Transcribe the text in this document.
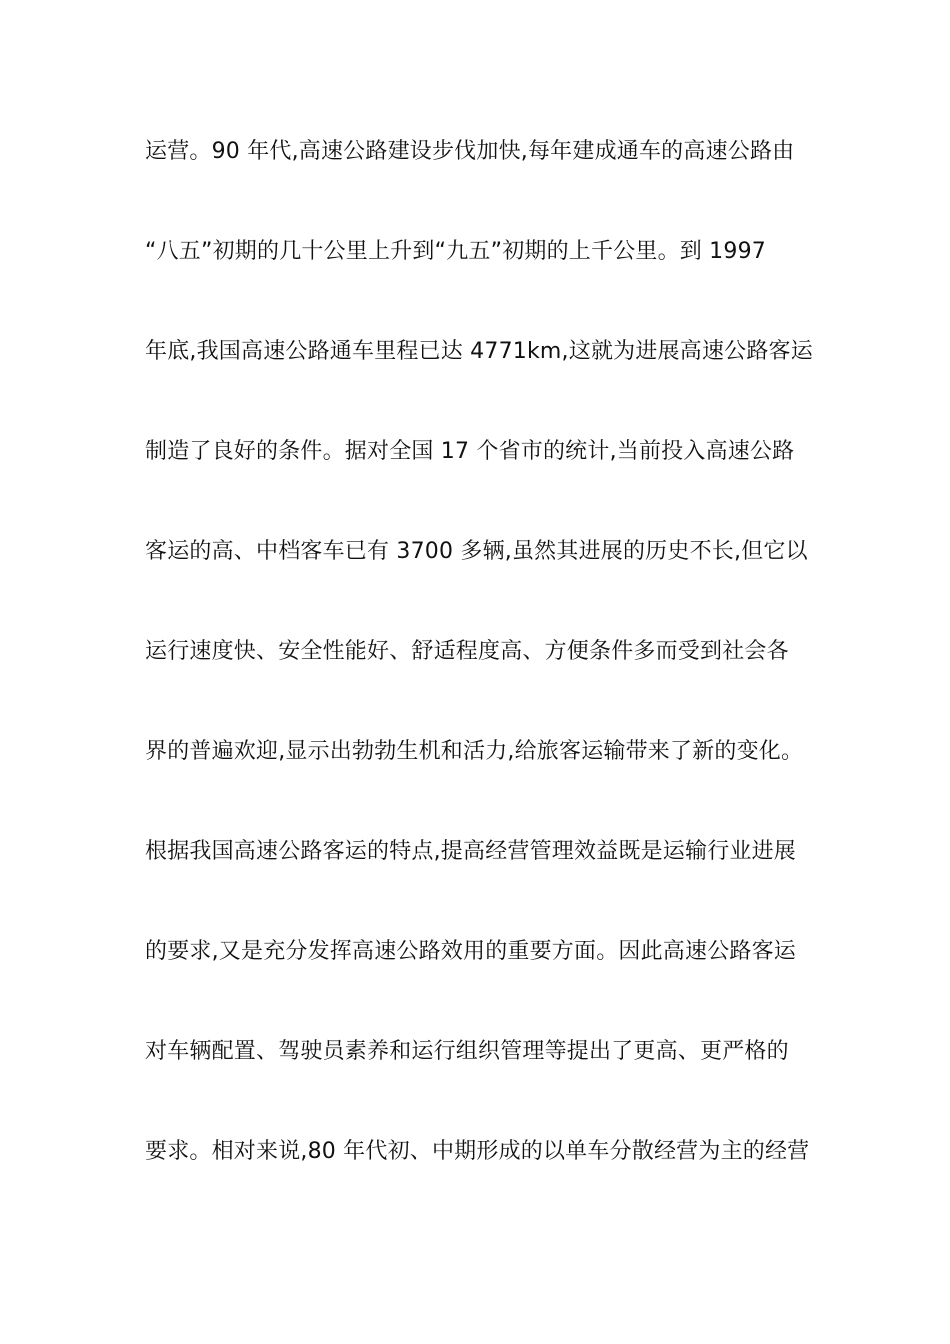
运营。90 年代,高速公路建设步伐加快,每年建成通车的高速公路由

“八五”初期的几十公里上升到“九五”初期的上千公里。到 1997

年底,我国高速公路通车里程已达 4771km,这就为进展高速公路客运

制造了良好的条件。据对全国 17 个省市的统计,当前投入高速公路

客运的高、中档客车已有 3700 多辆,虽然其进展的历史不长,但它以

运行速度快、安全性能好、舒适程度高、方便条件多而受到社会各

界的普遍欢迎,显示出勃勃生机和活力,给旅客运输带来了新的变化。

根据我国高速公路客运的特点,提高经营管理效益既是运输行业进展

的要求,又是充分发挥高速公路效用的重要方面。因此高速公路客运

对车辆配置、驾驶员素养和运行组织管理等提出了更高、更严格的

要求。相对来说,80 年代初、中期形成的以单车分散经营为主的经营
